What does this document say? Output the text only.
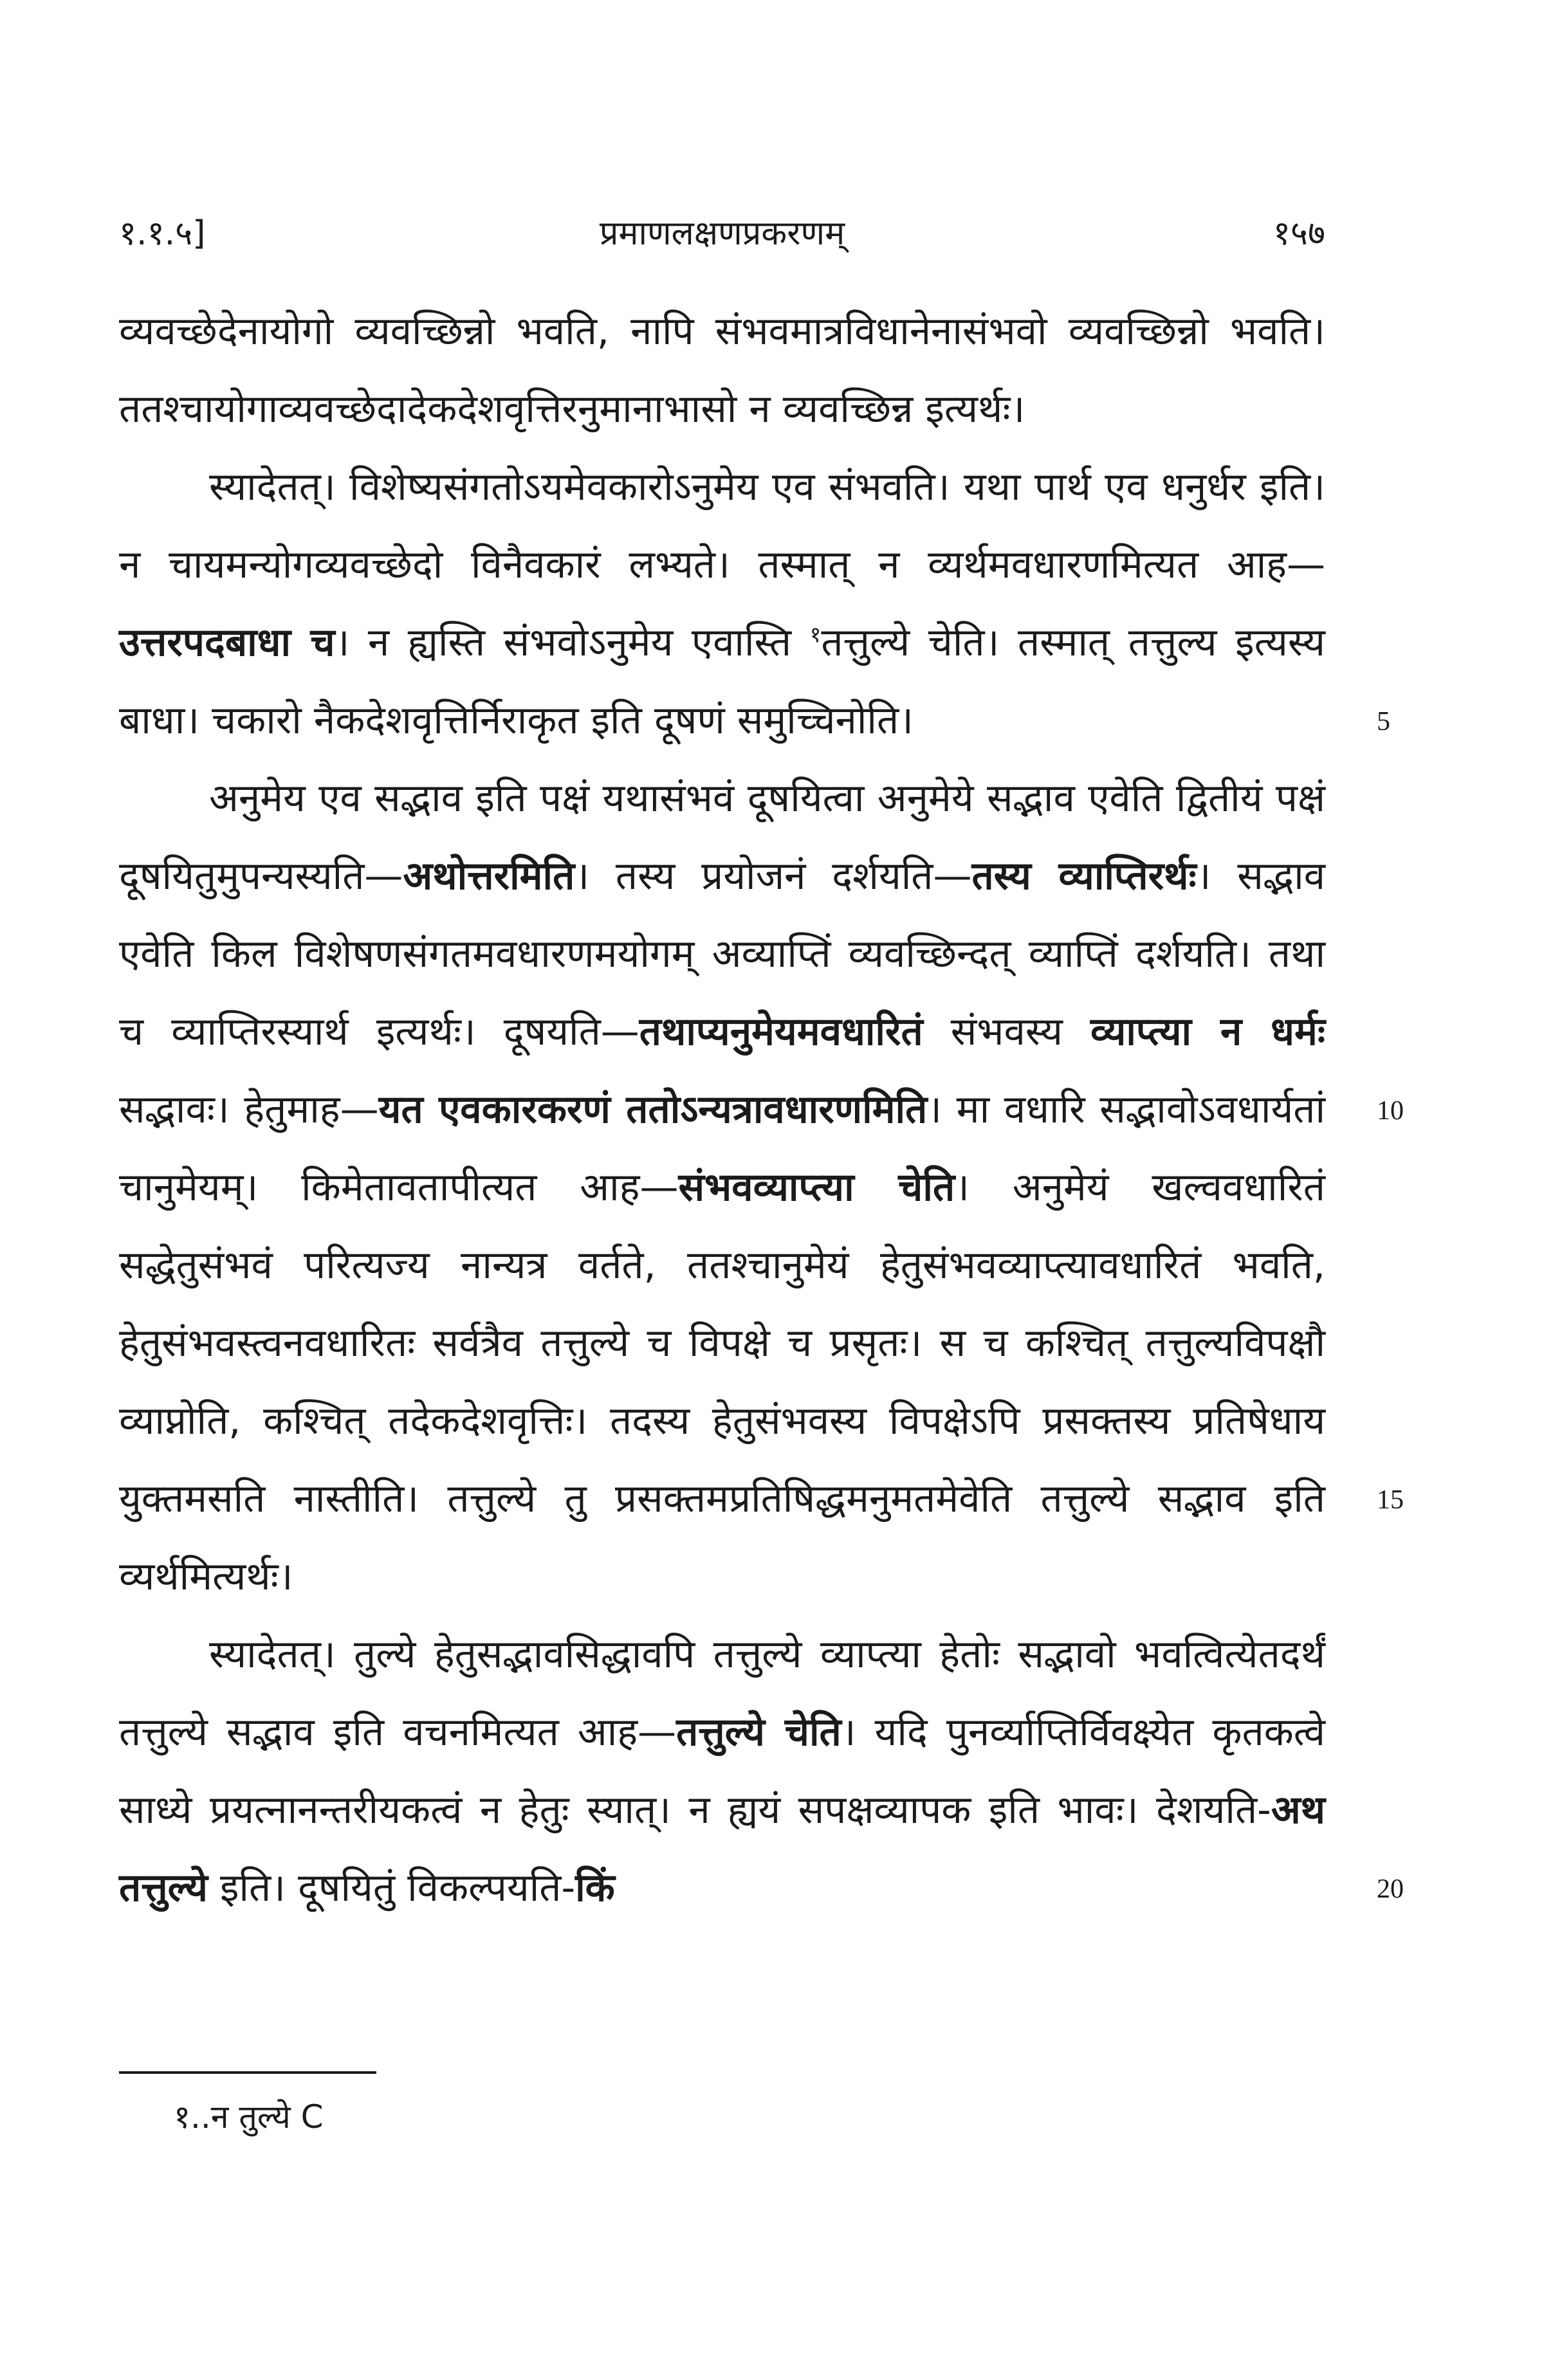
१.१.५]	प्रमाणलक्षणप्रकरणम्	१५७

व्यवच्छेदेनायोगो व्यवच्छिन्नो भवति, नापि संभवमात्रविधानेनासंभवो व्यवच्छिन्नो भवति। ततश्चायोगाव्यवच्छेदादेकदेशवृत्तिरनुमानाभासो न व्यवच्छिन्न इत्यर्थः।

स्यादेतत्। विशेष्यसंगतोऽयमेवकारोऽनुमेय एव संभवति। यथा पार्थ एव धनुर्धर इति। न चायमन्योगव्यवच्छेदो विनैवकारं लभ्यते। तस्मात् न व्यर्थमवधारणमित्यत आह—उत्तरपदबाधा च। न ह्यस्ति संभवोऽनुमेय एवास्ति $^१$तत्तुल्ये चेति। तस्मात् तत्तुल्य इत्यस्य बाधा। चकारो नैकदेशवृत्तिर्निराकृत इति दूषणं समुच्चिनोति।

अनुमेय एव सद्भाव इति पक्षं यथासंभवं दूषयित्वा अनुमेये सद्भाव एवेति द्वितीयं पक्षं दूषयितुमुपन्यस्यति—अथोत्तरमिति। तस्य प्रयोजनं दर्शयति—तस्य व्याप्तिरर्थः। सद्भाव एवेति किल विशेषणसंगतमवधारणमयोगम् अव्याप्तिं व्यवच्छिन्दत् व्याप्तिं दर्शयति। तथा च व्याप्तिरस्यार्थ इत्यर्थः। दूषयति—तथाप्यनुमेयमवधारितं संभवस्य व्याप्त्या न धर्मः सद्भावः। हेतुमाह—यत एवकारकरणं ततोऽन्यत्रावधारणमिति। मा वधारि सद्भावोऽवधार्यतां चानुमेयम्। किमेतावतापीत्यत आह—संभवव्याप्त्या चेति। अनुमेयं खल्ववधारितं सद्धेतुसंभवं परित्यज्य नान्यत्र वर्तते, ततश्चानुमेयं हेतुसंभवव्याप्त्यावधारितं भवति, हेतुसंभवस्त्वनवधारितः सर्वत्रैव तत्तुल्ये च विपक्षे च प्रसृतः। स च कश्चित् तत्तुल्यविपक्षौ व्याप्नोति, कश्चित् तदेकदेशवृत्तिः। तदस्य हेतुसंभवस्य विपक्षेऽपि प्रसक्तस्य प्रतिषेधाय युक्तमसति नास्तीति। तत्तुल्ये तु प्रसक्तमप्रतिषिद्धमनुमतमेवेति तत्तुल्ये सद्भाव इति व्यर्थमित्यर्थः।

स्यादेतत्। तुल्ये हेतुसद्भावसिद्धावपि तत्तुल्ये व्याप्त्या हेतोः सद्भावो भवत्वित्येतदर्थं तत्तुल्ये सद्भाव इति वचनमित्यत आह—तत्तुल्ये चेति। यदि पुनर्व्याप्तिर्विवक्ष्येत कृतकत्वे साध्ये प्रयत्नानन्तरीयकत्वं न हेतुः स्यात्। न ह्ययं सपक्षव्यापक इति भावः। देशयति-अथ तत्तुल्ये इति। दूषयितुं विकल्पयति-किं

5
10
15
20
१..न तुल्ये C
